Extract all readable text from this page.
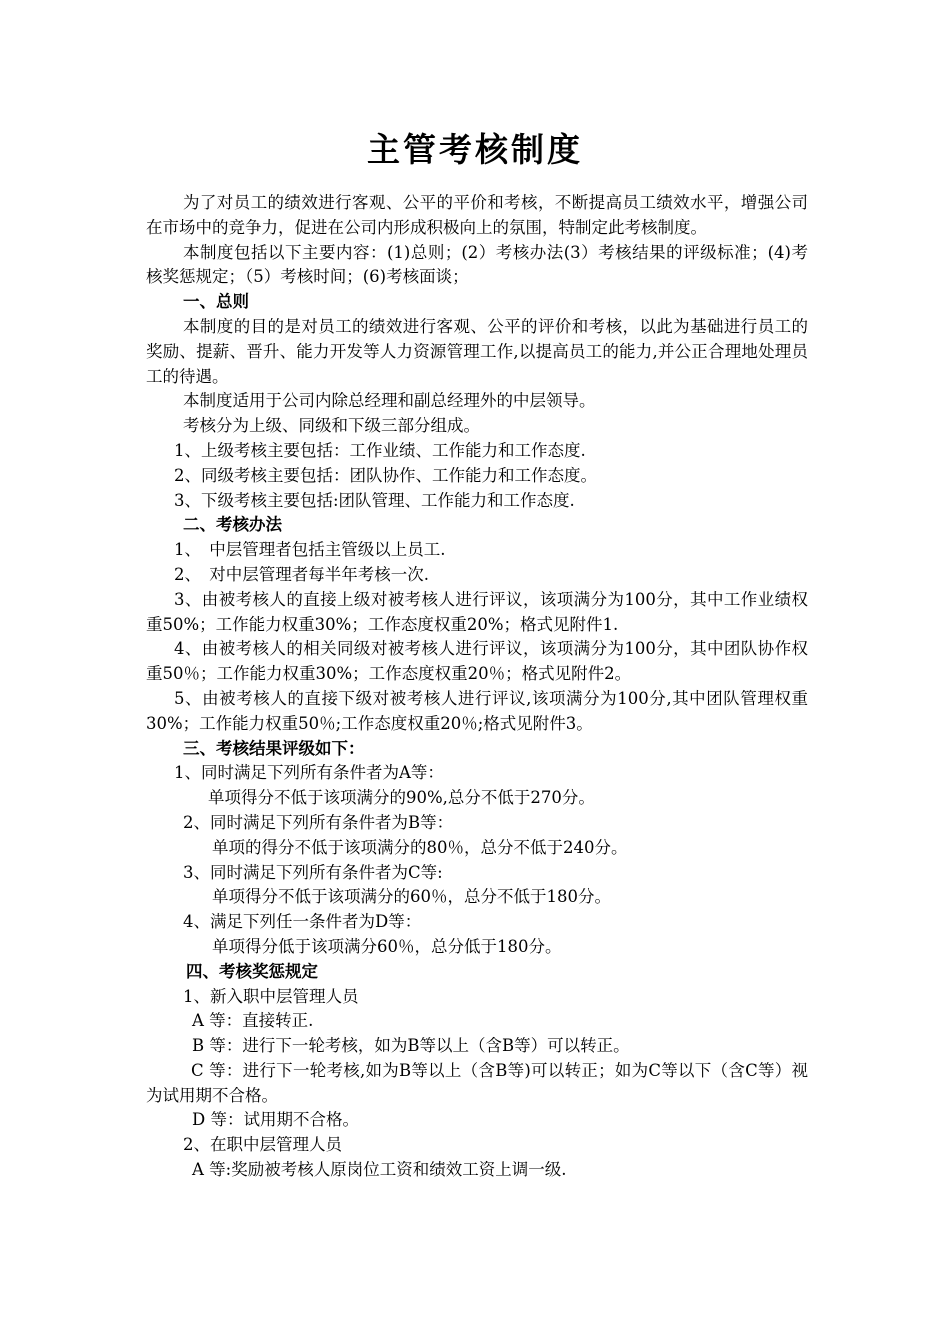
主管考核制度

为了对员工的绩效进行客观、公平的平价和考核，不断提高员工绩效水平，增强公司在市场中的竞争力，促进在公司内形成积极向上的氛围，特制定此考核制度。

本制度包括以下主要内容：(1)总则；(2）考核办法(3）考核结果的评级标准；(4)考核奖惩规定；（5）考核时间；(6)考核面谈；

一、总则

本制度的目的是对员工的绩效进行客观、公平的评价和考核，以此为基础进行员工的奖励、提薪、晋升、能力开发等人力资源管理工作,以提高员工的能力,并公正合理地处理员工的待遇。

本制度适用于公司内除总经理和副总经理外的中层领导。

考核分为上级、同级和下级三部分组成。

1、上级考核主要包括：工作业绩、工作能力和工作态度.

2、同级考核主要包括：团队协作、工作能力和工作态度。

3、下级考核主要包括:团队管理、工作能力和工作态度.

二、考核办法

1、　中层管理者包括主管级以上员工.

2、　对中层管理者每半年考核一次.

3、由被考核人的直接上级对被考核人进行评议，该项满分为100分，其中工作业绩权重50%；工作能力权重30%；工作态度权重20%；格式见附件1.

4、由被考核人的相关同级对被考核人进行评议，该项满分为100分，其中团队协作权重50％；工作能力权重30%；工作态度权重20％；格式见附件2。

5、由被考核人的直接下级对被考核人进行评议,该项满分为100分,其中团队管理权重30%；工作能力权重50％;工作态度权重20％;格式见附件3。

三、考核结果评级如下：

1、同时满足下列所有条件者为A等：

单项得分不低于该项满分的90%,总分不低于270分。

2、同时满足下列所有条件者为B等：

单项的得分不低于该项满分的80％，总分不低于240分。

3、同时满足下列所有条件者为C等:

单项得分不低于该项满分的60％，总分不低于180分。

4、满足下列任一条件者为D等：

单项得分低于该项满分60％，总分低于180分。

四、考核奖惩规定

1、新入职中层管理人员

A 等：直接转正.

B 等：进行下一轮考核，如为B等以上（含B等）可以转正。

C 等：进行下一轮考核,如为B等以上（含B等)可以转正；如为C等以下（含C等）视为试用期不合格。

D 等：试用期不合格。

2、在职中层管理人员

A 等:奖励被考核人原岗位工资和绩效工资上调一级.
